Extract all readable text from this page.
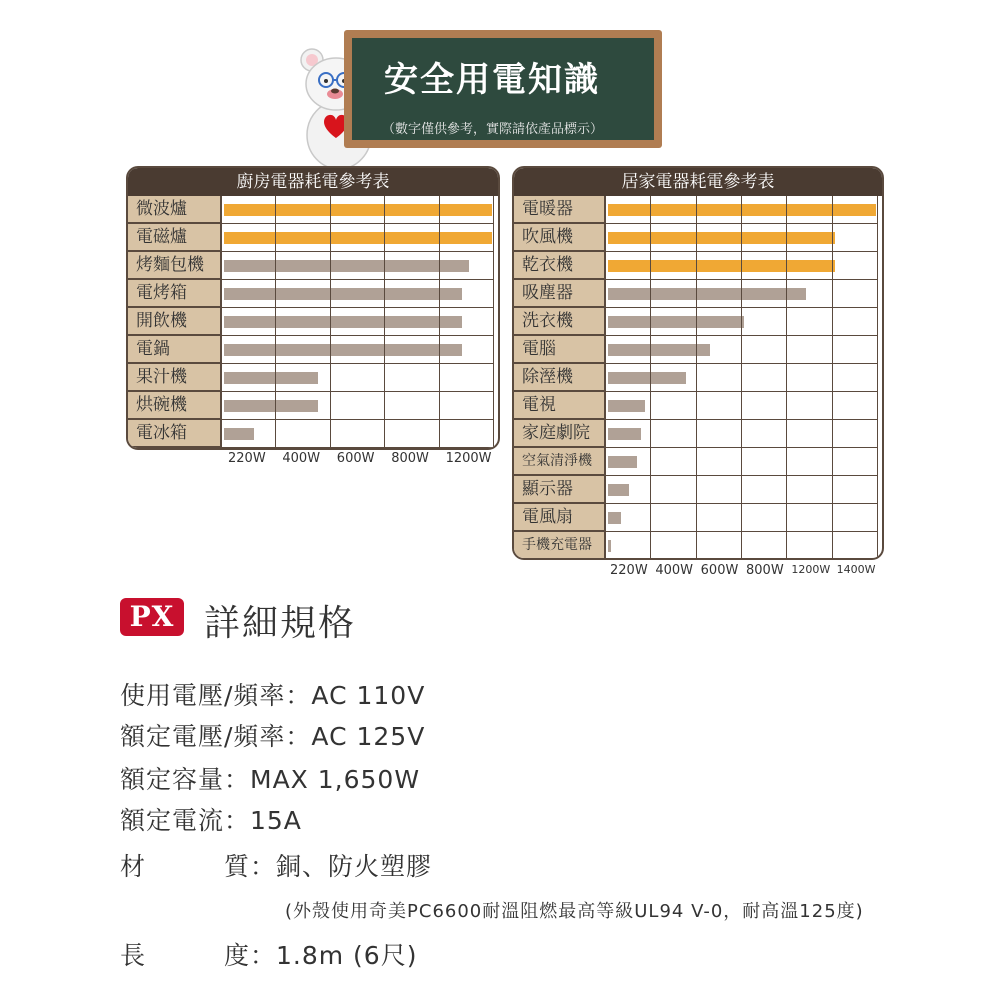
安全用電知識
（數字僅供參考，實際請依產品標示）
廚房電器耗電參考表
微波爐
電磁爐
烤麵包機
電烤箱
開飲機
電鍋
果汁機
烘碗機
電冰箱
220W 400W 600W 800W 1200W
居家電器耗電參考表
電暖器
吹風機
乾衣機
吸塵器
洗衣機
電腦
除溼機
電視
家庭劇院
空氣清淨機
顯示器
電風扇
手機充電器
220W 400W 600W 800W 1200W 1400W
PX 詳細規格
使用電壓/頻率：AC 110V
額定電壓/頻率：AC 125V
額定容量：MAX 1,650W
額定電流：15A
材　　　質：銅、防火塑膠
(外殼使用奇美PC6600耐溫阻燃最高等級UL94 V-0，耐高溫125度)
長　　　度：1.8m (6尺)
